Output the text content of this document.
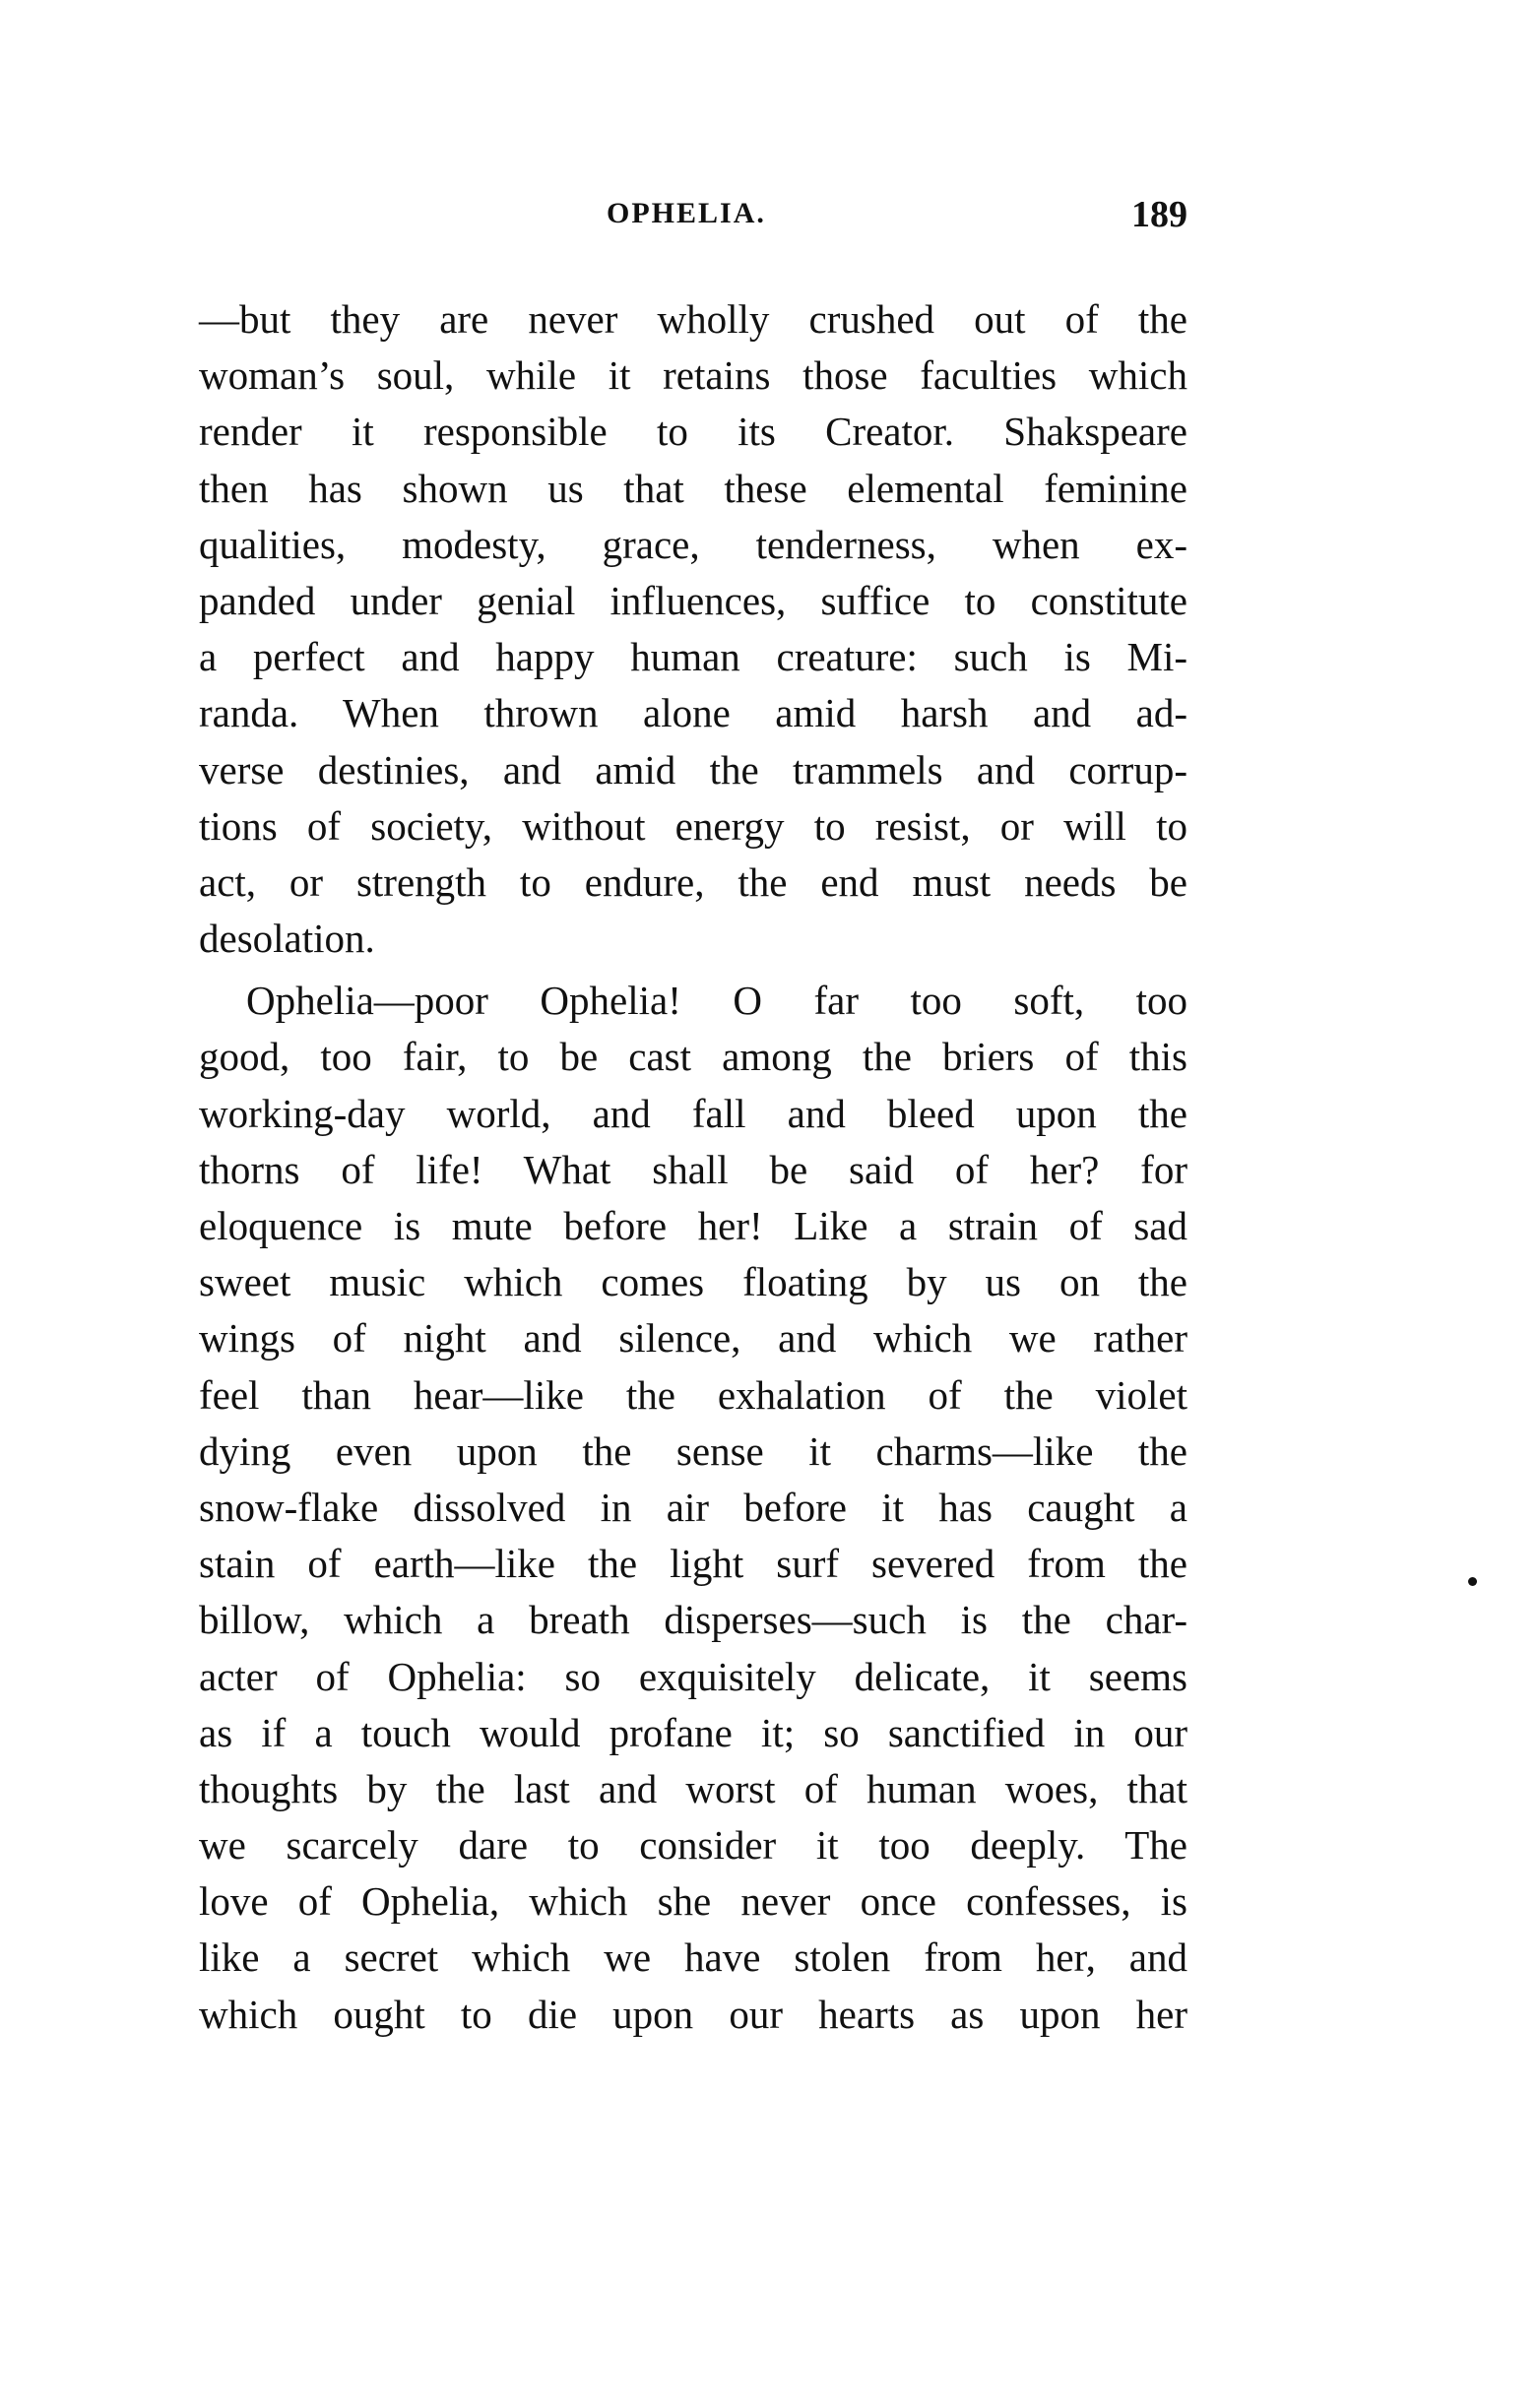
OPHELIA.	189
—but they are never wholly crushed out of the
woman’s soul, while it retains those faculties which
render it responsible to its Creator. Shakspeare
then has shown us that these elemental feminine
qualities, modesty, grace, tenderness, when ex-
panded under genial influences, suffice to constitute
a perfect and happy human creature: such is Mi-
randa. When thrown alone amid harsh and ad-
verse destinies, and amid the trammels and corrup-
tions of society, without energy to resist, or will to
act, or strength to endure, the end must needs be
desolation.
Ophelia—poor Ophelia! O far too soft, too
good, too fair, to be cast among the briers of this
working-day world, and fall and bleed upon the
thorns of life! What shall be said of her? for
eloquence is mute before her! Like a strain of sad
sweet music which comes floating by us on the
wings of night and silence, and which we rather
feel than hear—like the exhalation of the violet
dying even upon the sense it charms—like the
snow-flake dissolved in air before it has caught a
stain of earth—like the light surf severed from the
billow, which a breath disperses—such is the char-
acter of Ophelia: so exquisitely delicate, it seems
as if a touch would profane it; so sanctified in our
thoughts by the last and worst of human woes, that
we scarcely dare to consider it too deeply. The
love of Ophelia, which she never once confesses, is
like a secret which we have stolen from her, and
which ought to die upon our hearts as upon her
